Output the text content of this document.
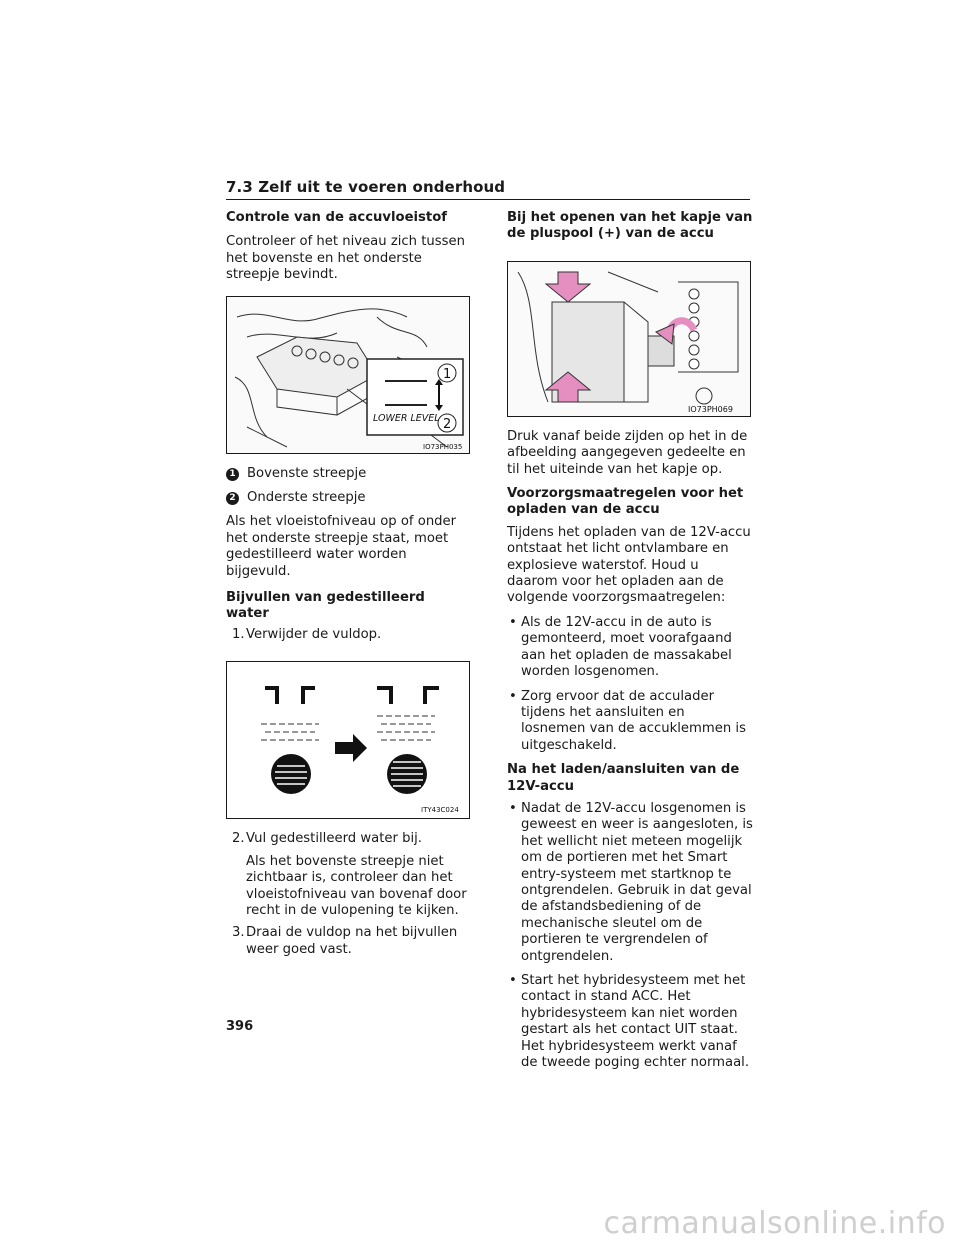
7.3 Zelf uit te voeren onderhoud
Controle van de accuvloeistof

Controleer of het niveau zich tussen het bovenste en het onderste streepje bevindt.

1
2
LOWER LEVEL
IO73PH035
1 Bovenste streepje
2 Onderste streepje

Als het vloeistofniveau op of onder het onderste streepje staat, moet gedestilleerd water worden bijgevuld.

Bijvullen van gedestilleerd water
1. Verwijder de vuldop.
ITY43C024
2. Vul gedestilleerd water bij.
Als het bovenste streepje niet zichtbaar is, controleer dan het vloeistofniveau van bovenaf door recht in de vulopening te kijken.
3. Draai de vuldop na het bijvullen weer goed vast.
Bij het openen van het kapje van de pluspool (+) van de accu
IO73PH069

Druk vanaf beide zijden op het in de afbeelding aangegeven gedeelte en til het uiteinde van het kapje op.

Voorzorgsmaatregelen voor het opladen van de accu

Tijdens het opladen van de 12V-accu ontstaat het licht ontvlambare en explosieve waterstof. Houd u daarom voor het opladen aan de volgende voorzorgsmaatregelen:

• Als de 12V-accu in de auto is gemonteerd, moet voorafgaand aan het opladen de massakabel worden losgenomen.
• Zorg ervoor dat de acculader tijdens het aansluiten en losnemen van de accuklemmen is uitgeschakeld.
Na het laden/aansluiten van de 12V-accu
• Nadat de 12V-accu losgenomen is geweest en weer is aangesloten, is het wellicht niet meteen mogelijk om de portieren met het Smart entry-systeem met startknop te ontgrendelen. Gebruik in dat geval de afstandsbediening of de mechanische sleutel om de portieren te vergrendelen of ontgrendelen.
• Start het hybridesysteem met het contact in stand ACC. Het hybridesysteem kan niet worden gestart als het contact UIT staat. Het hybridesysteem werkt vanaf de tweede poging echter normaal.
396
carmanualsonline.info
